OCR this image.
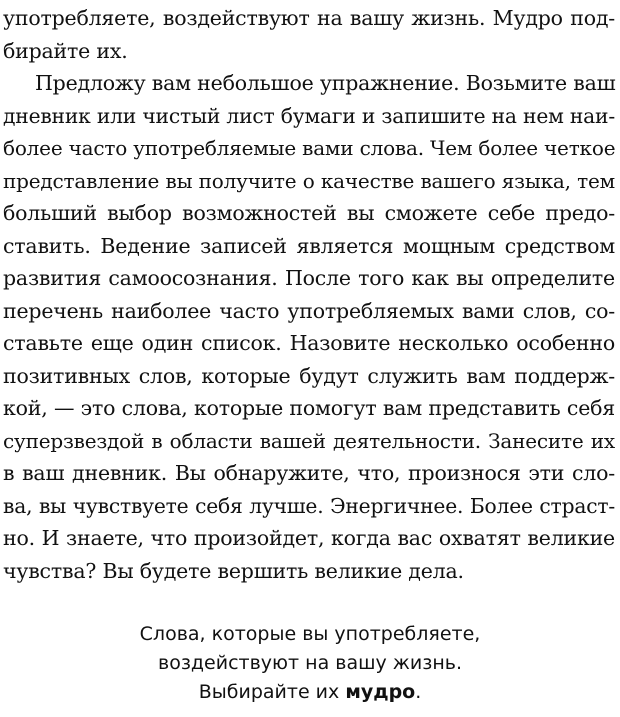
употребляете, воздействуют на вашу жизнь. Мудро под-
бирайте их.
Предложу вам небольшое упражнение. Возьмите ваш
дневник или чистый лист бумаги и запишите на нем наи-
более часто употребляемые вами слова. Чем более четкое
представление вы получите о качестве вашего языка, тем
больший выбор возможностей вы сможете себе предо-
ставить. Ведение записей является мощным средством
развития самоосознания. После того как вы определите
перечень наиболее часто употребляемых вами слов, со-
ставьте еще один список. Назовите несколько особенно
позитивных слов, которые будут служить вам поддерж-
кой, — это слова, которые помогут вам представить себя
суперзвездой в области вашей деятельности. Занесите их
в ваш дневник. Вы обнаружите, что, произнося эти сло-
ва, вы чувствуете себя лучше. Энергичнее. Более страст-
но. И знаете, что произойдет, когда вас охватят великие
чувства? Вы будете вершить великие дела.
Слова, которые вы употребляете,
воздействуют на вашу жизнь.
Выбирайте их мудро.
